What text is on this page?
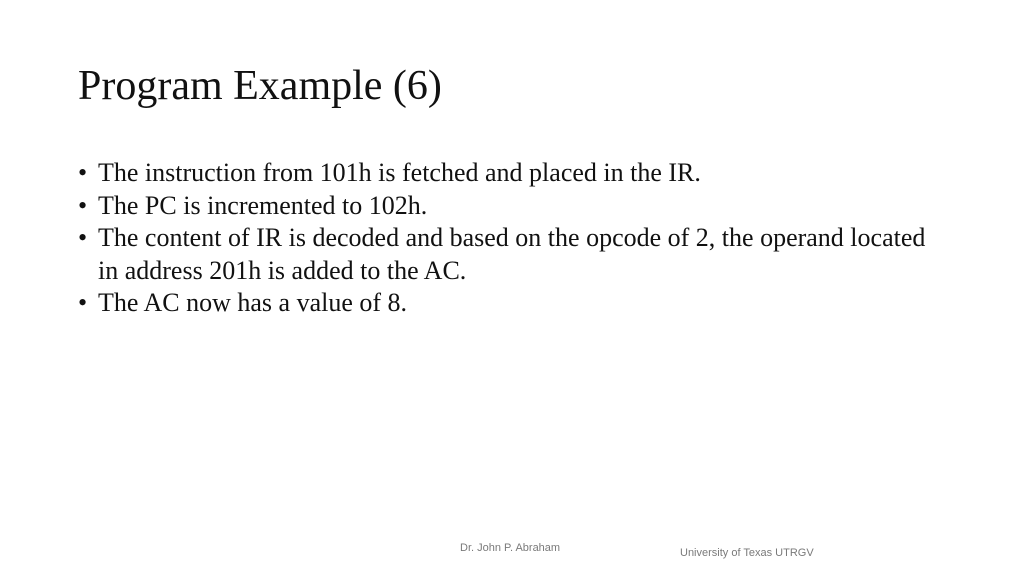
Program Example (6)
• The instruction from 101h is fetched and placed in the IR.
• The PC is incremented to 102h.
• The content of IR is decoded and based on the opcode of 2, the operand located in address 201h is added to the AC.
• The AC now has a value of 8.
Dr. John P. Abraham	University of Texas UTRGV
